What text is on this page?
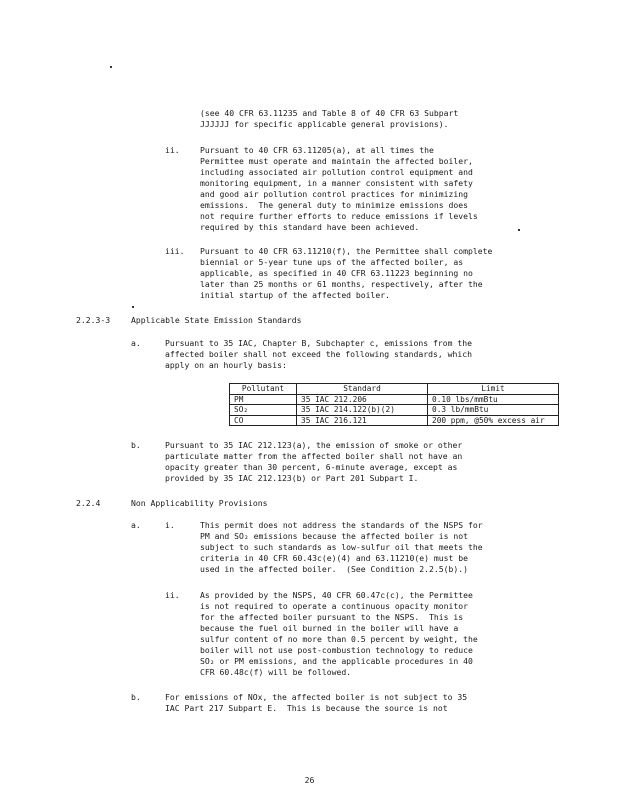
(see 40 CFR 63.11235 and Table 8 of 40 CFR 63 Subpart
JJJJJJ for specific applicable general provisions).
ii.	Pursuant to 40 CFR 63.11205(a), at all times the
Permittee must operate and maintain the affected boiler,
including associated air pollution control equipment and
monitoring equipment, in a manner consistent with safety
and good air pollution control practices for minimizing
emissions.  The general duty to minimize emissions does
not require further efforts to reduce emissions if levels
required by this standard have been achieved.
iii. Pursuant to 40 CFR 63.11210(f), the Permittee shall complete
biennial or 5-year tune ups of the affected boiler, as
applicable, as specified in 40 CFR 63.11223 beginning no
later than 25 months or 61 months, respectively, after the
initial startup of the affected boiler.
2.2.3-3	Applicable State Emission Standards
a.	Pursuant to 35 IAC, Chapter B, Subchapter c, emissions from the
affected boiler shall not exceed the following standards, which
apply on an hourly basis:
Pollutant	Standard	Limit
PM	35 IAC 212.206	0.10 lbs/mmBtu
SO₂	35 IAC 214.122(b)(2)	0.3 lb/mmBtu
CO	35 IAC 216.121	200 ppm, @50% excess air
b.	Pursuant to 35 IAC 212.123(a), the emission of smoke or other
particulate matter from the affected boiler shall not have an
opacity greater than 30 percent, 6-minute average, except as
provided by 35 IAC 212.123(b) or Part 201 Subpart I.
2.2.4	Non Applicability Provisions
a.	i.	This permit does not address the standards of the NSPS for
PM and SO₂ emissions because the affected boiler is not
subject to such standards as low-sulfur oil that meets the
criteria in 40 CFR 60.43c(e)(4) and 63.11210(e) must be
used in the affected boiler.  (See Condition 2.2.5(b).)
ii.	As provided by the NSPS, 40 CFR 60.47c(c), the Permittee
is not required to operate a continuous opacity monitor
for the affected boiler pursuant to the NSPS.  This is
because the fuel oil burned in the boiler will have a
sulfur content of no more than 0.5 percent by weight, the
boiler will not use post-combustion technology to reduce
SO₂ or PM emissions, and the applicable procedures in 40
CFR 60.48c(f) will be followed.
b.	For emissions of NOx, the affected boiler is not subject to 35
IAC Part 217 Subpart E.  This is because the source is not
26
